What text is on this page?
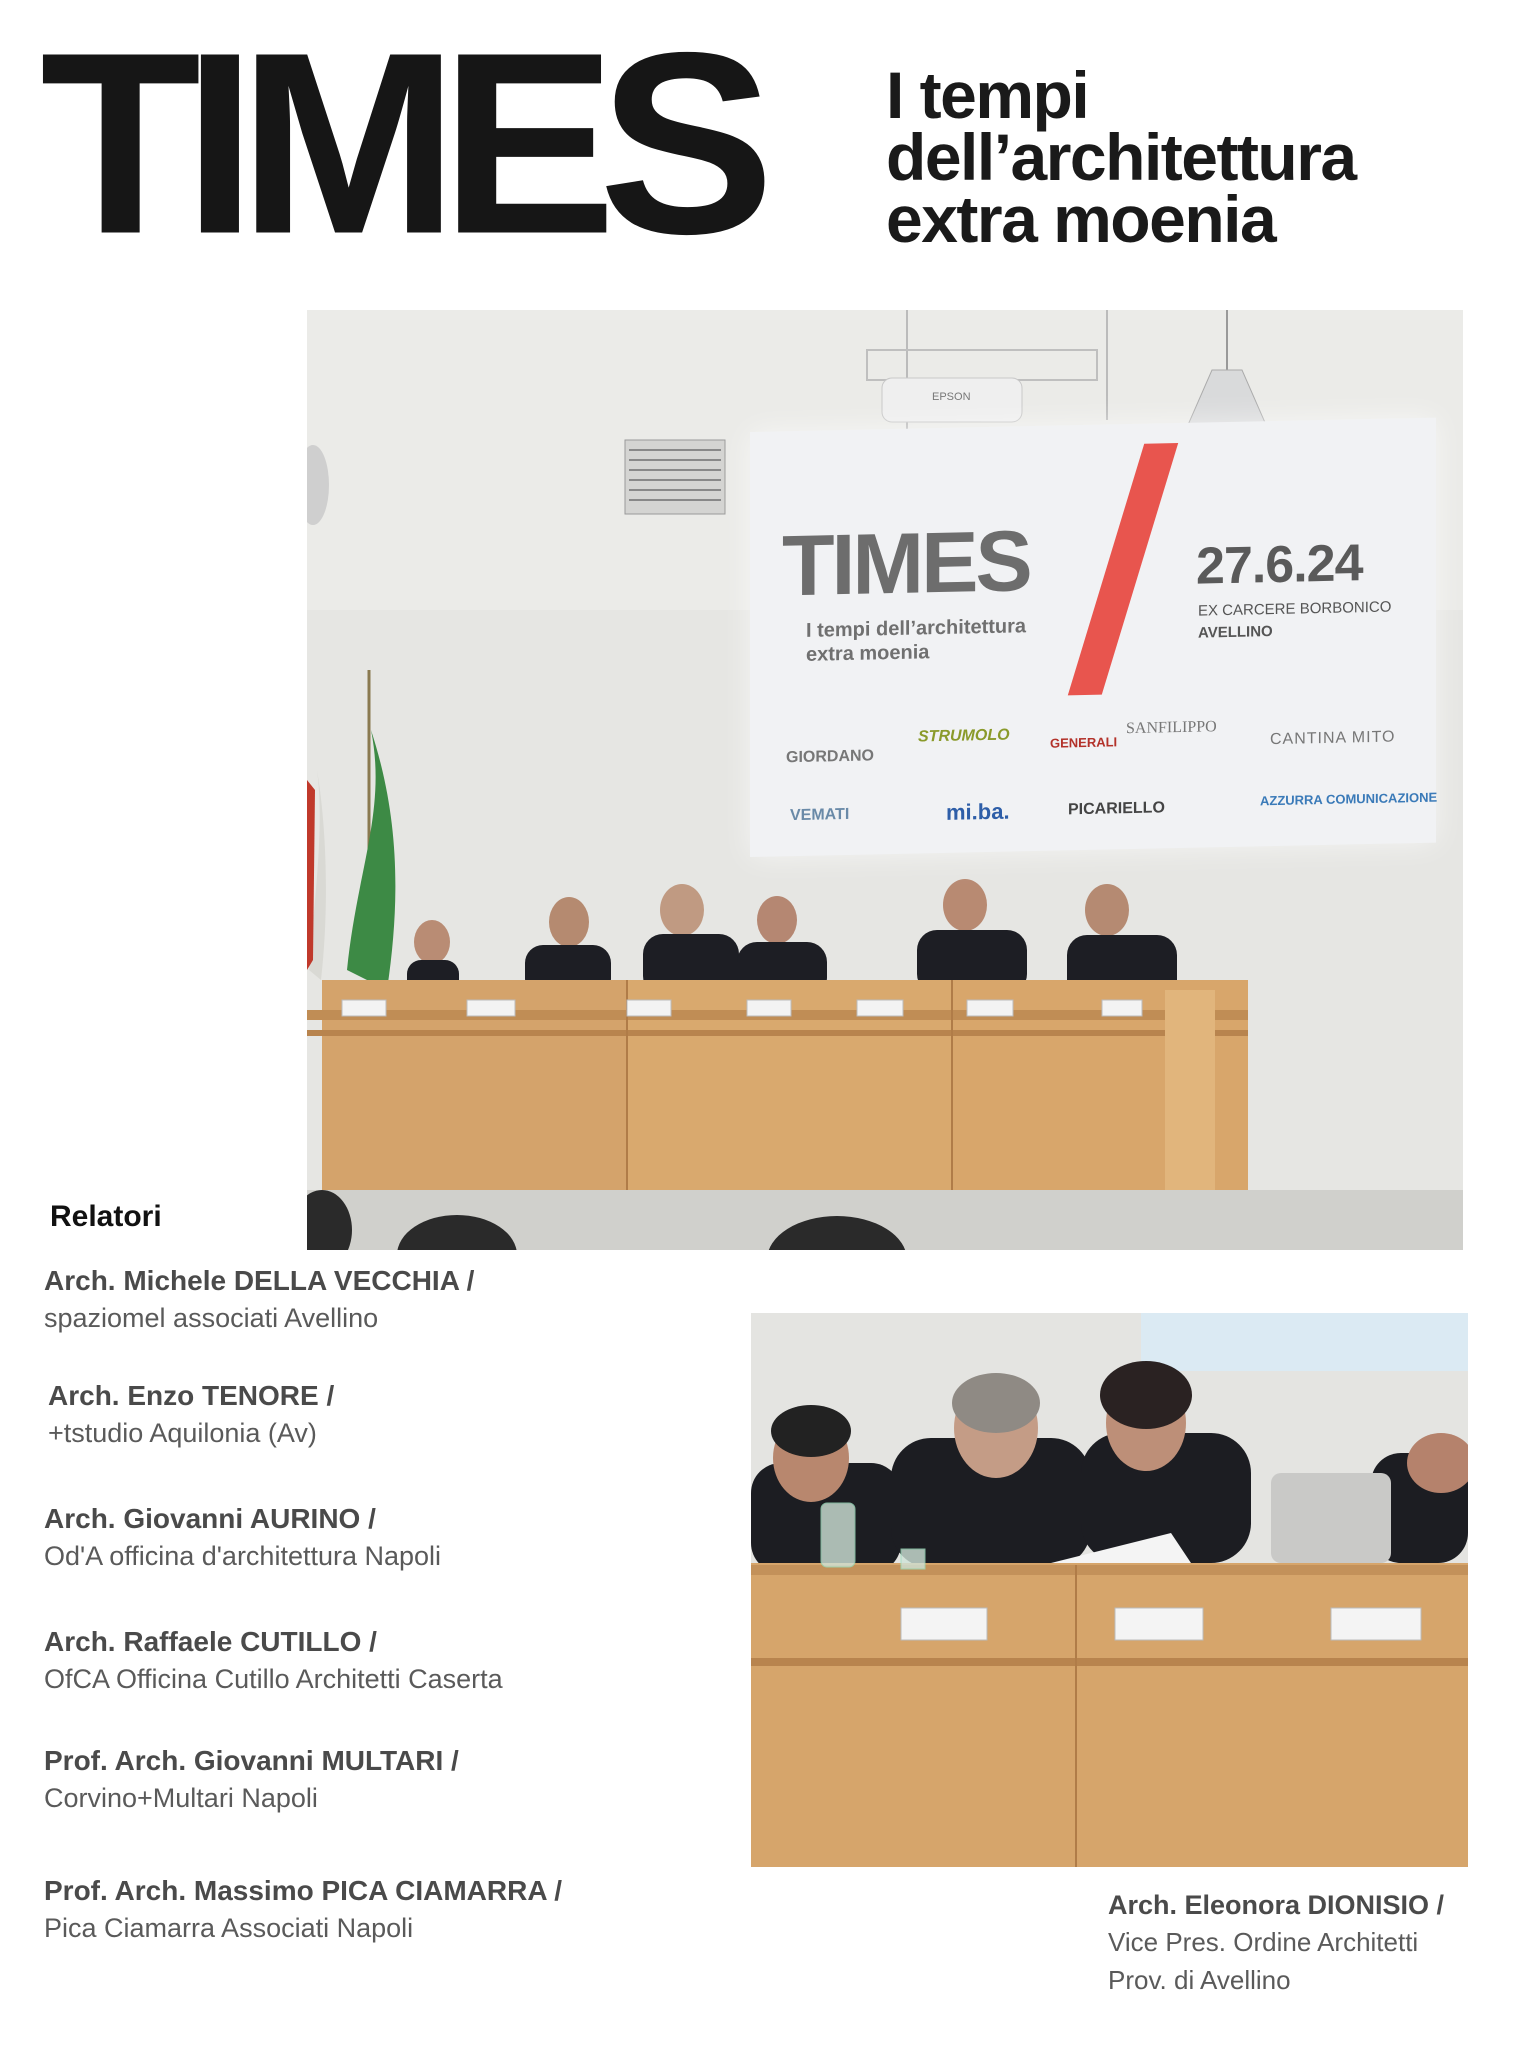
TIMES I tempi
dell’architettura
extra moenia
EPSON
TIMES
I tempi dell’architettura
extra moenia
27.6.24
EX CARCERE BORBONICO
AVELLINO
GIORDANO
STRUMOLO	GENERALI
SANFILIPPO
CANTINA MITO
VEMATI	mi.ba.	PICARIELLO
AZZURRA COMUNICAZIONE
Relatori
Arch. Michele DELLA VECCHIA /
spaziomel associati Avellino
Arch. Enzo TENORE /
+tstudio Aquilonia (Av)
Arch. Giovanni AURINO /
Od'A officina d'architettura Napoli
Arch. Raffaele CUTILLO /
OfCA Officina Cutillo Architetti Caserta
Prof. Arch. Giovanni MULTARI /
Corvino+Multari Napoli
Prof. Arch. Massimo PICA CIAMARRA /
Pica Ciamarra Associati Napoli
Arch. Eleonora DIONISIO /
Vice Pres. Ordine Architetti
Prov. di Avellino
